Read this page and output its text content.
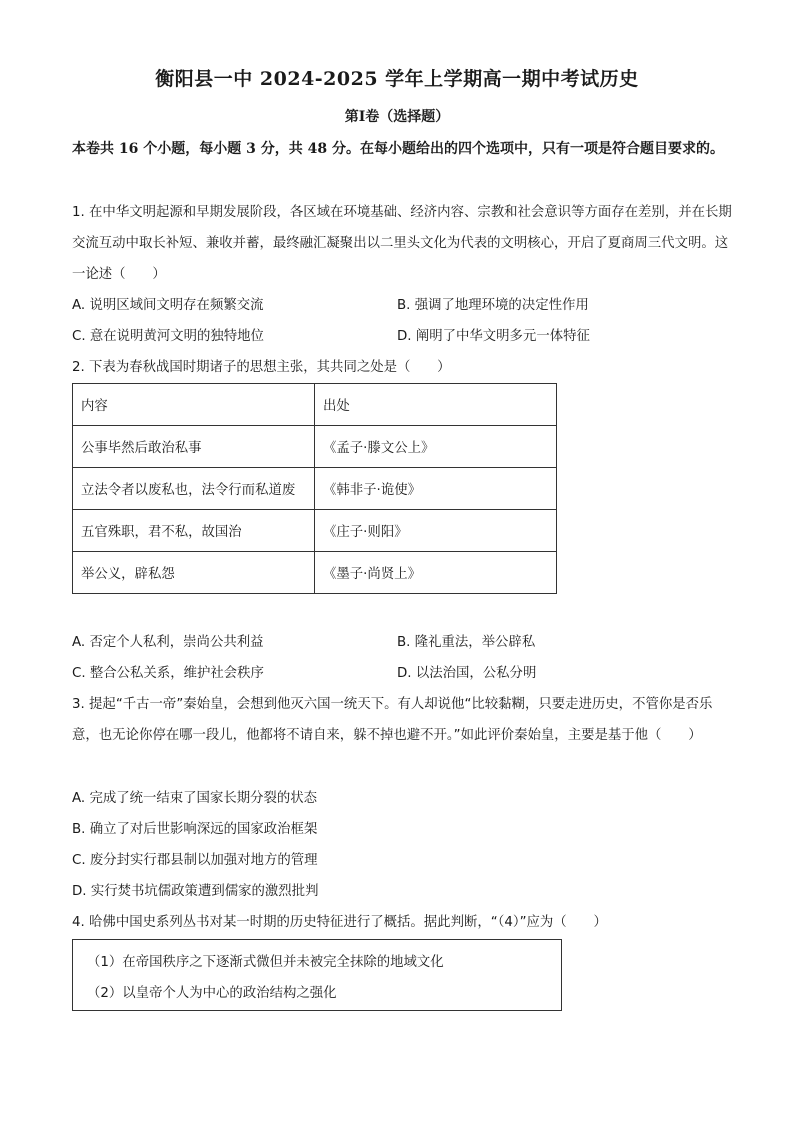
衡阳县一中 2024-2025 学年上学期高一期中考试历史
第Ⅰ卷（选择题）
本卷共 16 个小题，每小题 3 分，共 48 分。在每小题给出的四个选项中，只有一项是符合题目要求的。
1. 在中华文明起源和早期发展阶段，各区域在环境基础、经济内容、宗教和社会意识等方面存在差别，并在长期交流互动中取长补短、兼收并蓄，最终融汇凝聚出以二里头文化为代表的文明核心，开启了夏商周三代文明。这一论述（　　）
A. 说明区域间文明存在频繁交流	B. 强调了地理环境的决定性作用
C. 意在说明黄河文明的独特地位	D. 阐明了中华文明多元一体特征
2. 下表为春秋战国时期诸子的思想主张，其共同之处是（　　）
内容	出处
公事毕然后敢治私事	《孟子·滕文公上》
立法令者以废私也，法令行而私道废	《韩非子·诡使》
五官殊职，君不私，故国治	《庄子·则阳》
举公义，辟私怨	《墨子·尚贤上》
A. 否定个人私利，崇尚公共利益	B. 隆礼重法，举公辟私
C. 整合公私关系，维护社会秩序	D. 以法治国，公私分明
3. 提起“千古一帝”秦始皇，会想到他灭六国一统天下。有人却说他“比较黏糊，只要走进历史，不管你是否乐意，也无论你停在哪一段儿，他都将不请自来，躲不掉也避不开。”如此评价秦始皇，主要是基于他（　　）
A. 完成了统一结束了国家长期分裂的状态
B. 确立了对后世影响深远的国家政治框架
C. 废分封实行郡县制以加强对地方的管理
D. 实行焚书坑儒政策遭到儒家的激烈批判
4. 哈佛中国史系列丛书对某一时期的历史特征进行了概括。据此判断，“（4）”应为（　　）
（1）在帝国秩序之下逐渐式微但并未被完全抹除的地域文化
（2）以皇帝个人为中心的政治结构之强化
